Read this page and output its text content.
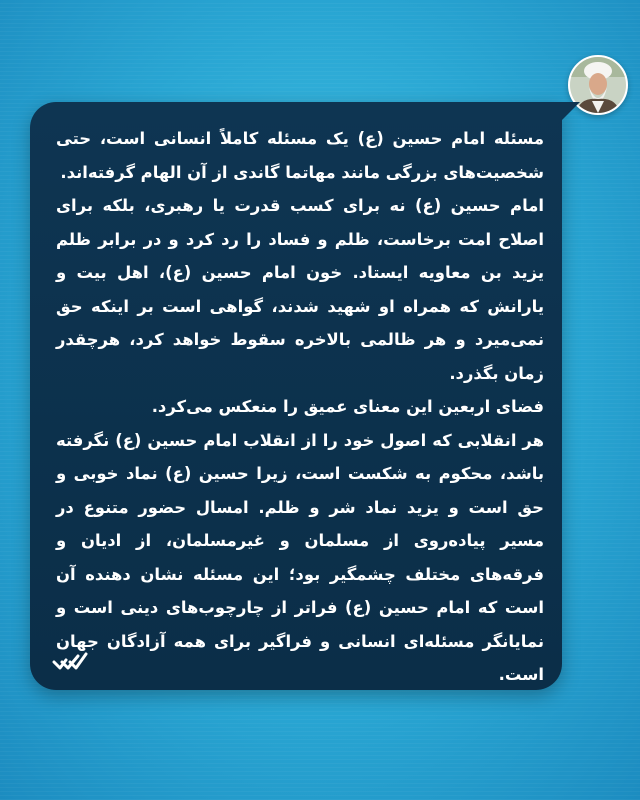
مسئله امام حسین (ع) یک مسئله کاملاً انسانی است، حتی شخصیت‌های بزرگی مانند مهاتما گاندی از آن الهام گرفته‌اند.

امام حسین (ع) نه برای کسب قدرت یا رهبری، بلکه برای اصلاح امت برخاست، ظلم و فساد را رد کرد و در برابر ظلم یزید بن معاویه ایستاد. خون امام حسین (ع)، اهل بیت و یارانش که همراه او شهید شدند، گواهی است بر اینکه حق نمی‌میرد و هر ظالمی بالاخره سقوط خواهد کرد، هرچقدر زمان بگذرد.

فضای اربعین این معنای عمیق را منعکس می‌کرد.

هر انقلابی که اصول خود را از انقلاب امام حسین (ع) نگرفته باشد، محکوم به شکست است، زیرا حسین (ع) نماد خوبی و حق است و یزید نماد شر و ظلم. امسال حضور متنوع در مسیر پیاده‌روی از مسلمان و غیرمسلمان، از ادیان و فرقه‌های مختلف چشمگیر بود؛ این مسئله نشان دهنده آن است که امام حسین (ع) فراتر از چارچوب‌های دینی است و نمایانگر مسئله‌ای انسانی و فراگیر برای همه آزادگان جهان است.
